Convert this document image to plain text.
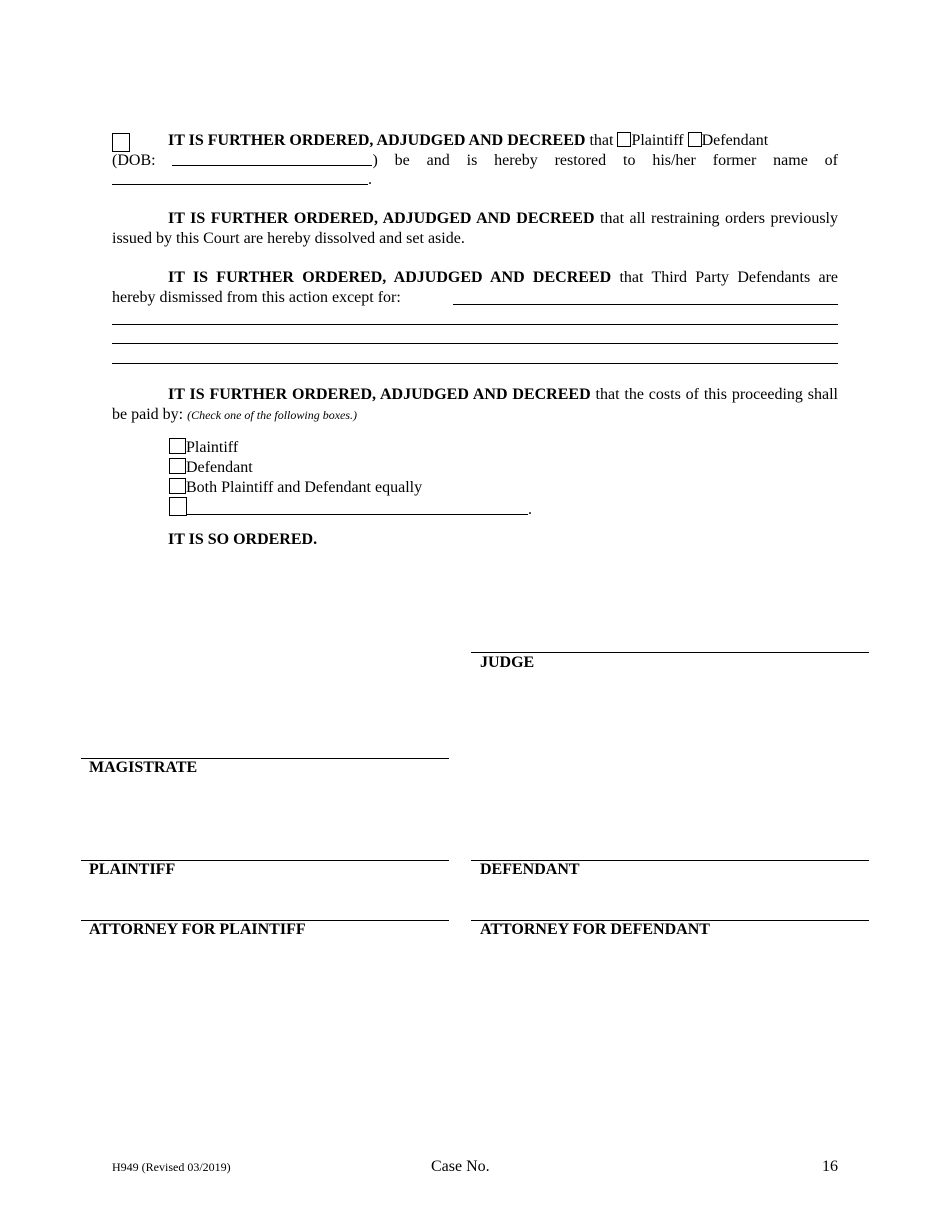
IT IS FURTHER ORDERED, ADJUDGED AND DECREED that Plaintiff Defendant
(DOB:	) be and is hereby restored to his/her former name of
.
IT IS FURTHER ORDERED, ADJUDGED AND DECREED that all restraining orders previously issued by this Court are hereby dissolved and set aside.
IT IS FURTHER ORDERED, ADJUDGED AND DECREED that Third Party Defendants are hereby dismissed from this action except for:
IT IS FURTHER ORDERED, ADJUDGED AND DECREED that the costs of this proceeding shall be paid by: (Check one of the following boxes.)
Plaintiff
Defendant
Both Plaintiff and Defendant equally
.
IT IS SO ORDERED.
JUDGE
MAGISTRATE
PLAINTIFF	DEFENDANT
ATTORNEY FOR PLAINTIFF	ATTORNEY FOR DEFENDANT
H949 (Revised 03/2019)	Case No.	16
